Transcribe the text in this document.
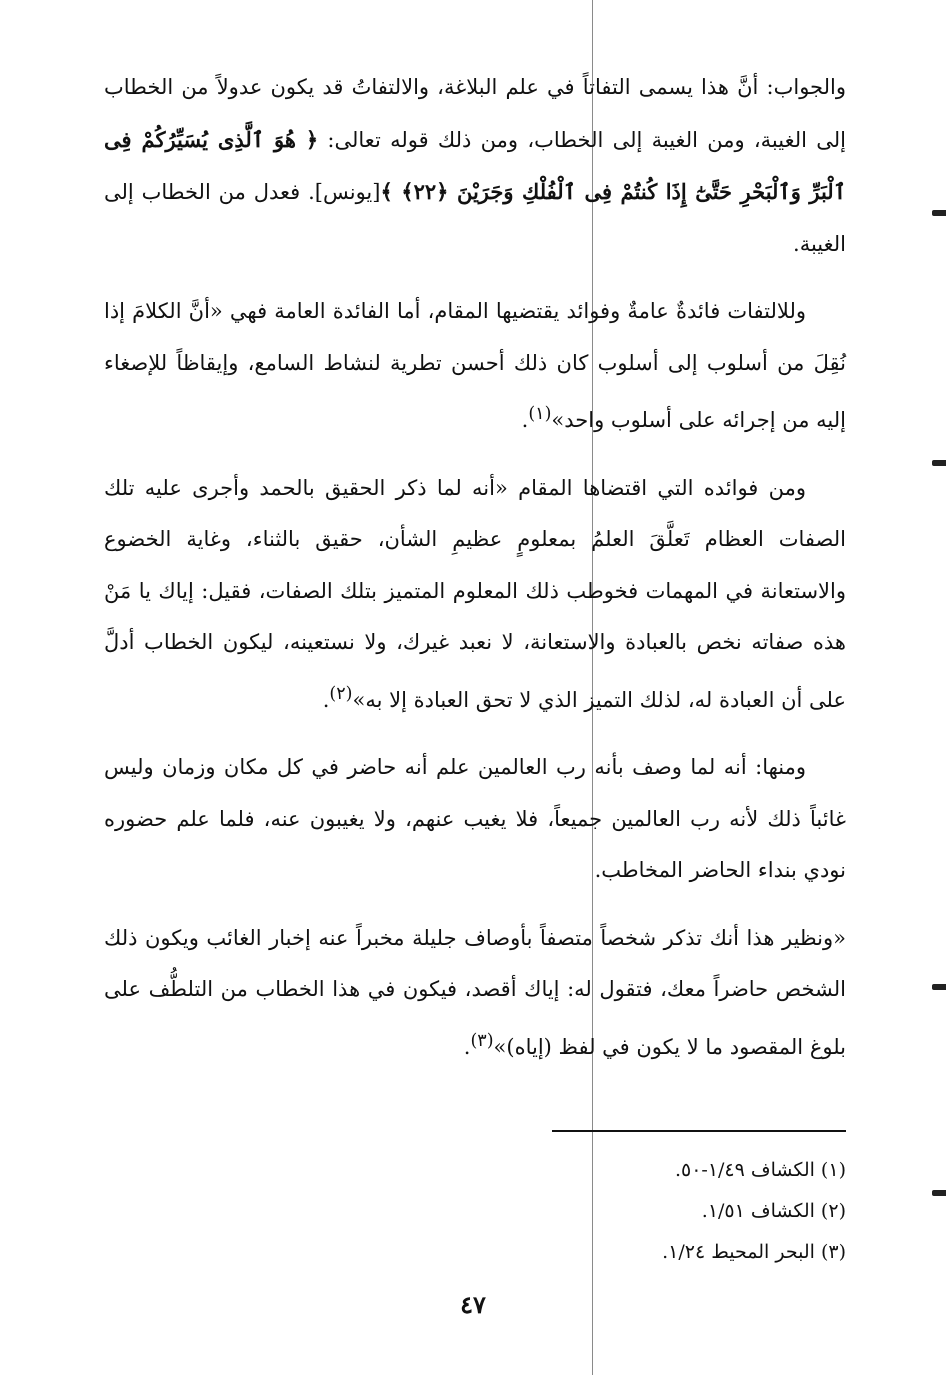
والجواب: أنَّ هذا يسمى التفاتاً في علم البلاغة، والالتفاتُ قد يكون عدولاً من الخطاب إلى الغيبة، ومن الغيبة إلى الخطاب، ومن ذلك قوله تعالى: ﴿ هُوَ ٱلَّذِى يُسَيِّرُكُمْ فِى ٱلْبَرِّ وَٱلْبَحْرِ حَتَّىٰٓ إِذَا كُنتُمْ فِى ٱلْفُلْكِ وَجَرَيْنَ ﴿٢٢﴾ ﴾[يونس]. فعدل من الخطاب إلى الغيبة.

وللالتفات فائدةٌ عامةٌ وفوائد يقتضيها المقام، أما الفائدة العامة فهي «أنَّ الكلامَ إذا نُقِلَ من أسلوب إلى أسلوب كان ذلك أحسن تطرية لنشاط السامع، وإيقاظاً للإصغاء إليه من إجرائه على أسلوب واحد»$^{(١)}$.

ومن فوائده التي اقتضاها المقام «أنه لما ذكر الحقيق بالحمد وأجرى عليه تلك الصفات العظام تَعلَّقَ العلمُ بمعلومٍ عظيمِ الشأن، حقيق بالثناء، وغاية الخضوع والاستعانة في المهمات فخوطب ذلك المعلوم المتميز بتلك الصفات، فقيل: إياك يا مَنْ هذه صفاته نخص بالعبادة والاستعانة، لا نعبد غيرك، ولا نستعينه، ليكون الخطاب أدلَّ على أن العبادة له، لذلك التميز الذي لا تحق العبادة إلا به»$^{(٢)}$.

ومنها: أنه لما وصف بأنه رب العالمين علم أنه حاضر في كل مكان وزمان وليس غائباً ذلك لأنه رب العالمين جميعاً، فلا يغيب عنهم، ولا يغيبون عنه، فلما علم حضوره نودي بنداء الحاضر المخاطب.

«ونظير هذا أنك تذكر شخصاً متصفاً بأوصاف جليلة مخبراً عنه إخبار الغائب ويكون ذلك الشخص حاضراً معك، فتقول له: إياك أقصد، فيكون في هذا الخطاب من التلطُّف على بلوغ المقصود ما لا يكون في لفظ (إياه)»$^{(٣)}$.

(١) الكشاف ١/٤٩-٥٠.

(٢) الكشاف ١/٥١.

(٣) البحر المحيط ١/٢٤.

٤٧
